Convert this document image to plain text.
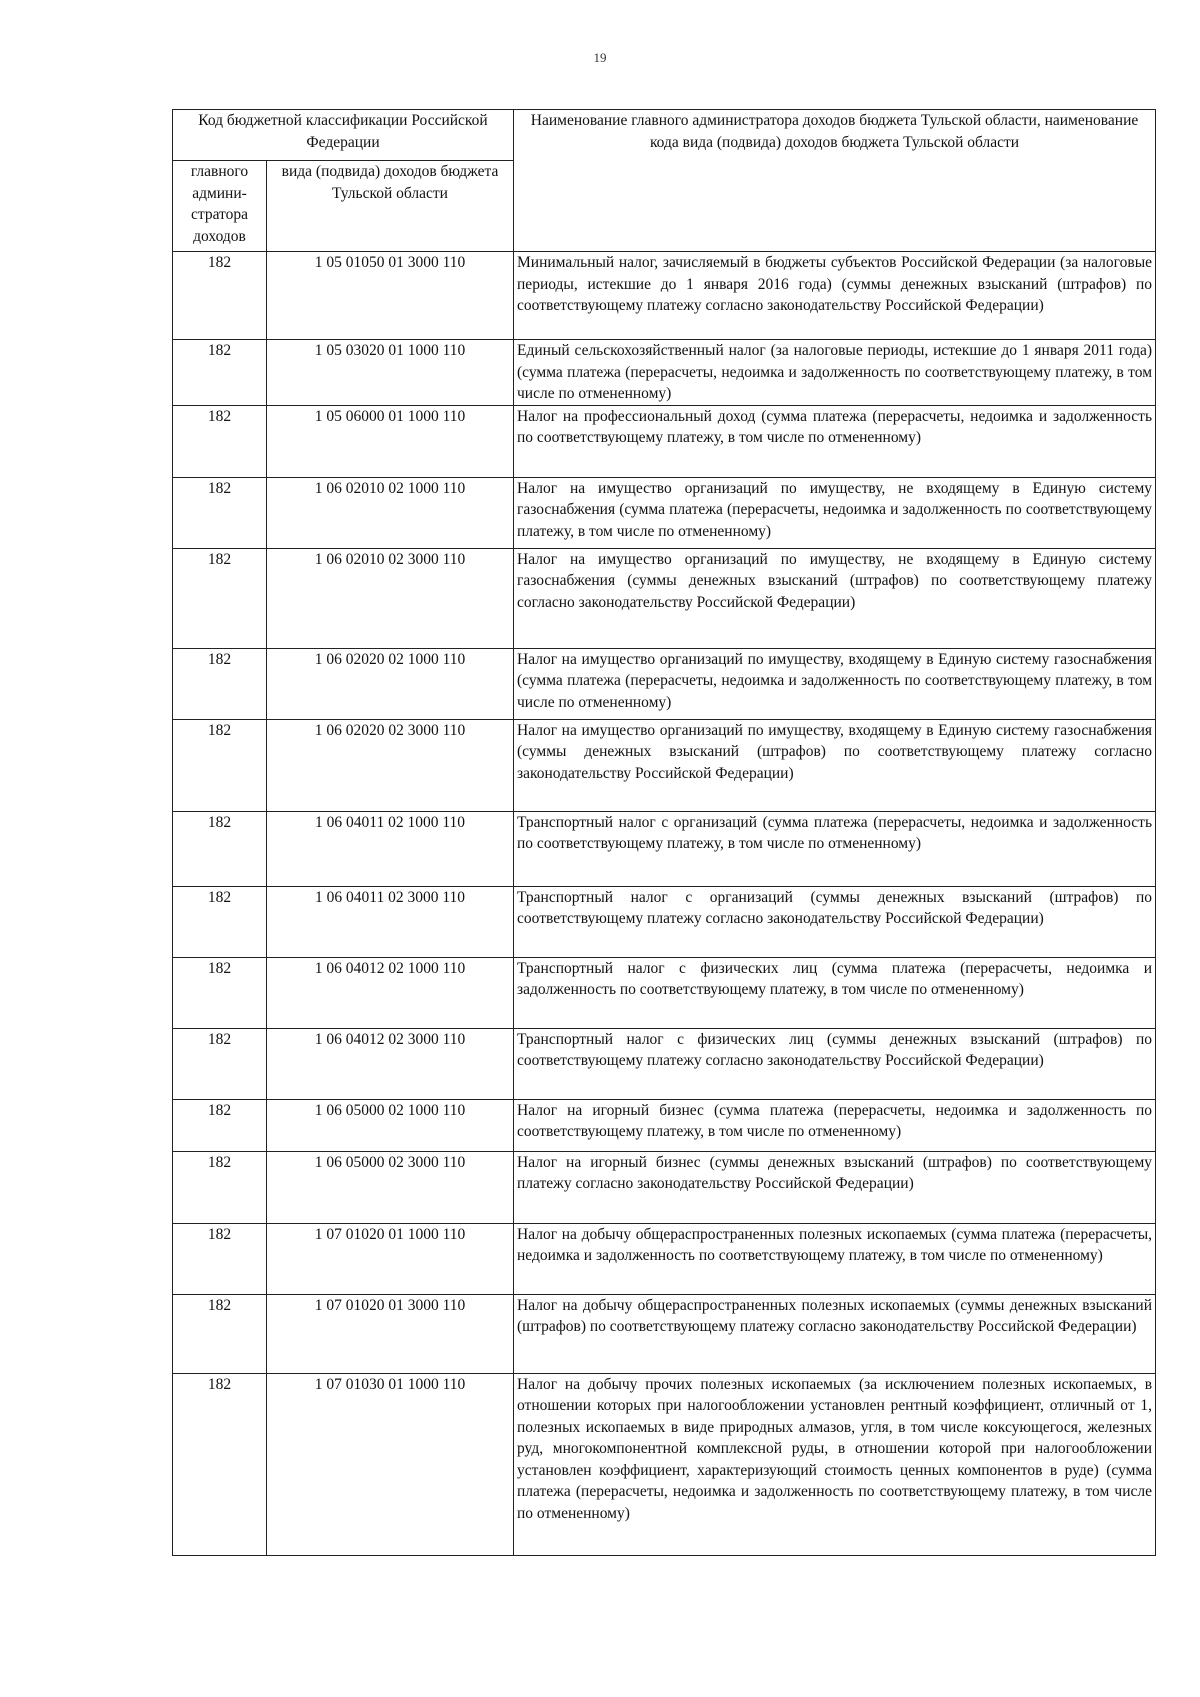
19
Код бюджетной классификации Российской Федерации		Наименование главного администратора доходов бюджета Тульской области, наименование кода вида (подвида) доходов бюджета Тульской области
главного админи-стратора доходов	вида (подвида) доходов бюджета Тульской области	
182	1 05 01050 01 3000 110	Минимальный налог, зачисляемый в бюджеты субъектов Российской Федерации (за налоговые периоды, истекшие до 1 января 2016 года) (суммы денежных взысканий (штрафов) по соответствующему платежу согласно законодательству Российской Федерации)
182	1 05 03020 01 1000 110	Единый сельскохозяйственный налог (за налоговые периоды, истекшие до 1 января 2011 года) (сумма платежа (перерасчеты, недоимка и задолженность по соответствующему платежу, в том числе по отмененному)
182	1 05 06000 01 1000 110	Налог на профессиональный доход (сумма платежа (перерасчеты, недоимка и задолженность по соответствующему платежу, в том числе по отмененному)
182	1 06 02010 02 1000 110	Налог на имущество организаций по имуществу, не входящему в Единую систему газоснабжения (сумма платежа (перерасчеты, недоимка и задолженность по соответствующему платежу, в том числе по отмененному)
182	1 06 02010 02 3000 110	Налог на имущество организаций по имуществу, не входящему в Единую систему газоснабжения (суммы денежных взысканий (штрафов) по соответствующему платежу согласно законодательству Российской Федерации)
182	1 06 02020 02 1000 110	Налог на имущество организаций по имуществу, входящему в Единую систему газоснабжения (сумма платежа (перерасчеты, недоимка и задолженность по соответствующему платежу, в том числе по отмененному)
182	1 06 02020 02 3000 110	Налог на имущество организаций по имуществу, входящему в Единую систему газоснабжения (суммы денежных взысканий (штрафов) по соответствующему платежу согласно законодательству Российской Федерации)
182	1 06 04011 02 1000 110	Транспортный налог с организаций (сумма платежа (перерасчеты, недоимка и задолженность по соответствующему платежу, в том числе по отмененному)
182	1 06 04011 02 3000 110	Транспортный налог с организаций (суммы денежных взысканий (штрафов) по соответствующему платежу согласно законодательству Российской Федерации)
182	1 06 04012 02 1000 110	Транспортный налог с физических лиц (сумма платежа (перерасчеты, недоимка и задолженность по соответствующему платежу, в том числе по отмененному)
182	1 06 04012 02 3000 110	Транспортный налог с физических лиц (суммы денежных взысканий (штрафов) по соответствующему платежу согласно законодательству Российской Федерации)
182	1 06 05000 02 1000 110	Налог на игорный бизнес (сумма платежа (перерасчеты, недоимка и задолженность по соответствующему платежу, в том числе по отмененному)
182	1 06 05000 02 3000 110	Налог на игорный бизнес (суммы денежных взысканий (штрафов) по соответствующему платежу согласно законодательству Российской Федерации)
182	1 07 01020 01 1000 110	Налог на добычу общераспространенных полезных ископаемых (сумма платежа (перерасчеты, недоимка и задолженность по соответствующему платежу, в том числе по отмененному)
182	1 07 01020 01 3000 110	Налог на добычу общераспространенных полезных ископаемых (суммы денежных взысканий (штрафов) по соответствующему платежу согласно законодательству Российской Федерации)
182	1 07 01030 01 1000 110	Налог на добычу прочих полезных ископаемых (за исключением полезных ископаемых, в отношении которых при налогообложении установлен рентный коэффициент, отличный от 1, полезных ископаемых в виде природных алмазов, угля, в том числе коксующегося, железных руд, многокомпонентной комплексной руды, в отношении которой при налогообложении установлен коэффициент, характеризующий стоимость ценных компонентов в руде) (сумма платежа (перерасчеты, недоимка и задолженность по соответствующему платежу, в том числе по отмененному)
